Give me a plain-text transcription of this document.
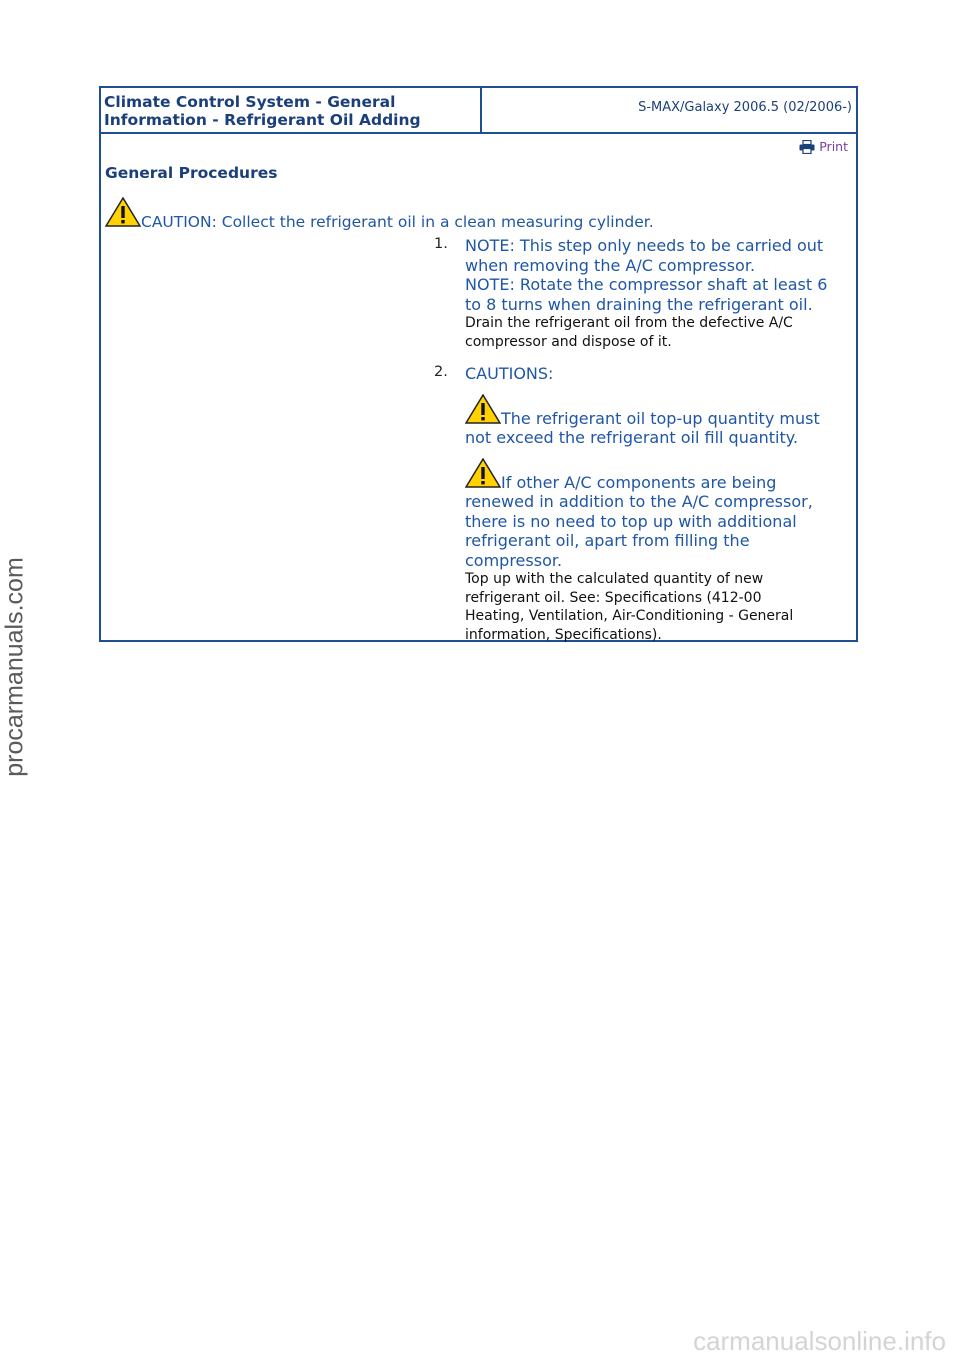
Climate Control System - General
Information - Refrigerant Oil Adding
S-MAX/Galaxy 2006.5 (02/2006-)
Print
General Procedures
CAUTION: Collect the refrigerant oil in a clean measuring cylinder.
1. NOTE: This step only needs to be carried out
when removing the A/C compressor.
NOTE: Rotate the compressor shaft at least 6
to 8 turns when draining the refrigerant oil.
Drain the refrigerant oil from the defective A/C
compressor and dispose of it.
2. CAUTIONS:
The refrigerant oil top-up quantity must
not exceed the refrigerant oil fill quantity.
If other A/C components are being
renewed in addition to the A/C compressor,
there is no need to top up with additional
refrigerant oil, apart from filling the
compressor.
Top up with the calculated quantity of new
refrigerant oil. See: Specifications (412-00
Heating, Ventilation, Air-Conditioning - General
information, Specifications).
procarmanuals.com
carmanualsonline.info
